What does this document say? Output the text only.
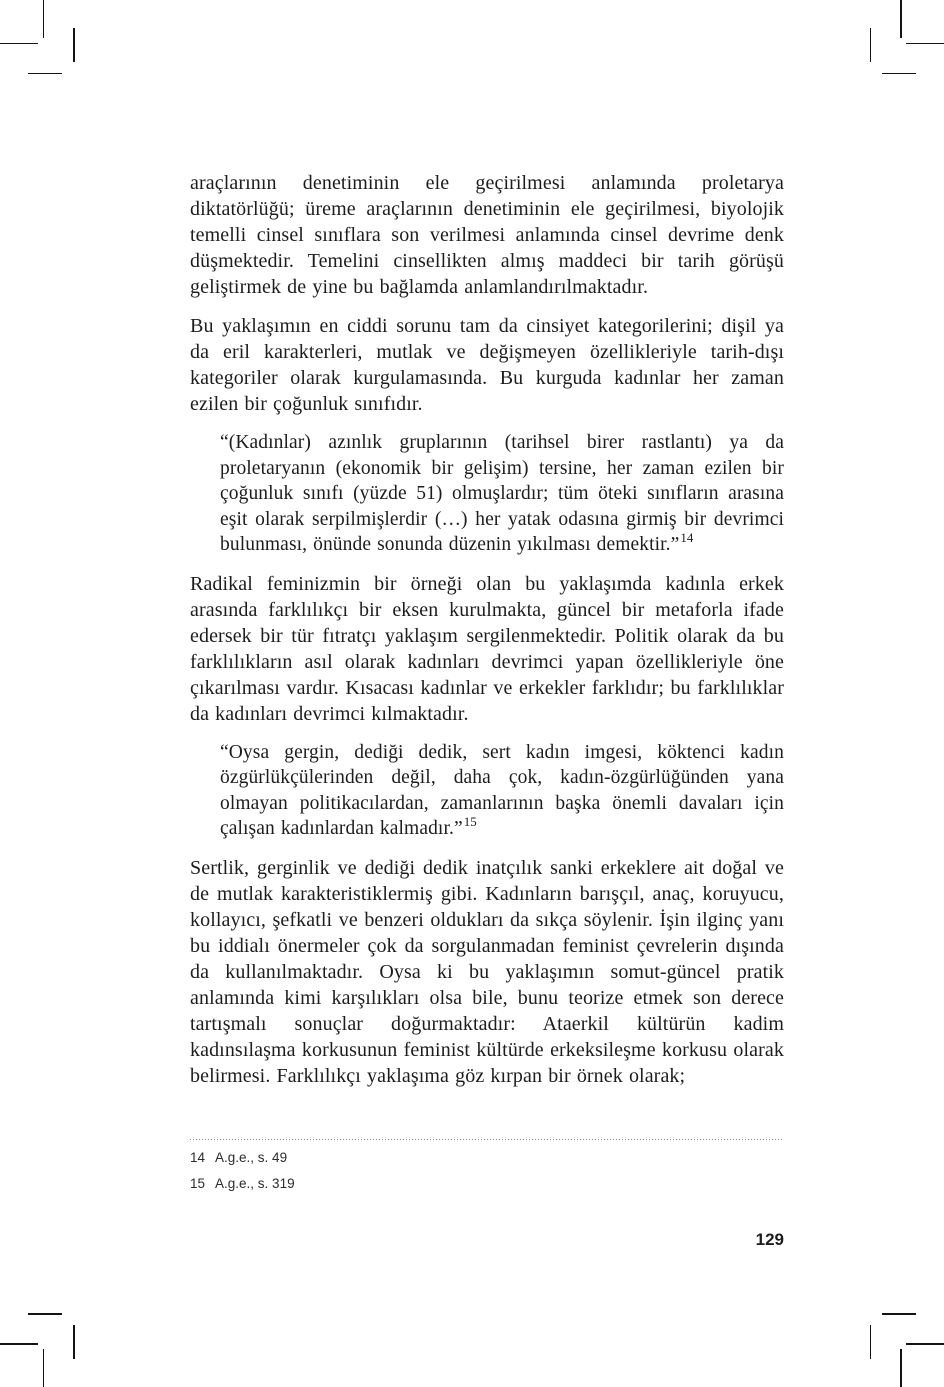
araçlarının denetiminin ele geçirilmesi anlamında proletarya diktatörlüğü; üreme araçlarının denetiminin ele geçirilmesi, biyolojik temelli cinsel sınıflara son verilmesi anlamında cinsel devrime denk düşmektedir. Temelini cinsellikten almış maddeci bir tarih görüşü geliştirmek de yine bu bağlamda anlamlandırılmaktadır.

Bu yaklaşımın en ciddi sorunu tam da cinsiyet kategorilerini; dişil ya da eril karakterleri, mutlak ve değişmeyen özellikleriyle tarih-dışı kategoriler olarak kurgulamasında. Bu kurguda kadınlar her zaman ezilen bir çoğunluk sınıfıdır.

“(Kadınlar) azınlık gruplarının (tarihsel birer rastlantı) ya da proletaryanın (ekonomik bir gelişim) tersine, her zaman ezilen bir çoğunluk sınıfı (yüzde 51) olmuşlardır; tüm öteki sınıfların arasına eşit olarak serpilmişlerdir (…) her yatak odasına girmiş bir devrimci bulunması, önünde sonunda düzenin yıkılması demektir.”$^{14}$

Radikal feminizmin bir örneği olan bu yaklaşımda kadınla erkek arasında farklılıkçı bir eksen kurulmakta, güncel bir metaforla ifade edersek bir tür fıtratçı yaklaşım sergilenmektedir. Politik olarak da bu farklılıkların asıl olarak kadınları devrimci yapan özellikleriyle öne çıkarılması vardır. Kısacası kadınlar ve erkekler farklıdır; bu farklılıklar da kadınları devrimci kılmaktadır.

“Oysa gergin, dediği dedik, sert kadın imgesi, köktenci kadın özgürlükçülerinden değil, daha çok, kadın-özgürlüğünden yana olmayan politikacılardan, zamanlarının başka önemli davaları için çalışan kadınlardan kalmadır.”$^{15}$

Sertlik, gerginlik ve dediği dedik inatçılık sanki erkeklere ait doğal ve de mutlak karakteristiklermiş gibi. Kadınların barışçıl, anaç, koruyucu, kollayıcı, şefkatli ve benzeri oldukları da sıkça söylenir. İşin ilginç yanı bu iddialı önermeler çok da sorgulanmadan feminist çevrelerin dışında da kullanılmaktadır. Oysa ki bu yaklaşımın somut-güncel pratik anlamında kimi karşılıkları olsa bile, bunu teorize etmek son derece tartışmalı sonuçlar doğurmaktadır: Ataerkil kültürün kadim kadınsılaşma korkusunun feminist kültürde erkeksileşme korkusu olarak belirmesi. Farklılıkçı yaklaşıma göz kırpan bir örnek olarak;

14 A.g.e., s. 49
15 A.g.e., s. 319
129
